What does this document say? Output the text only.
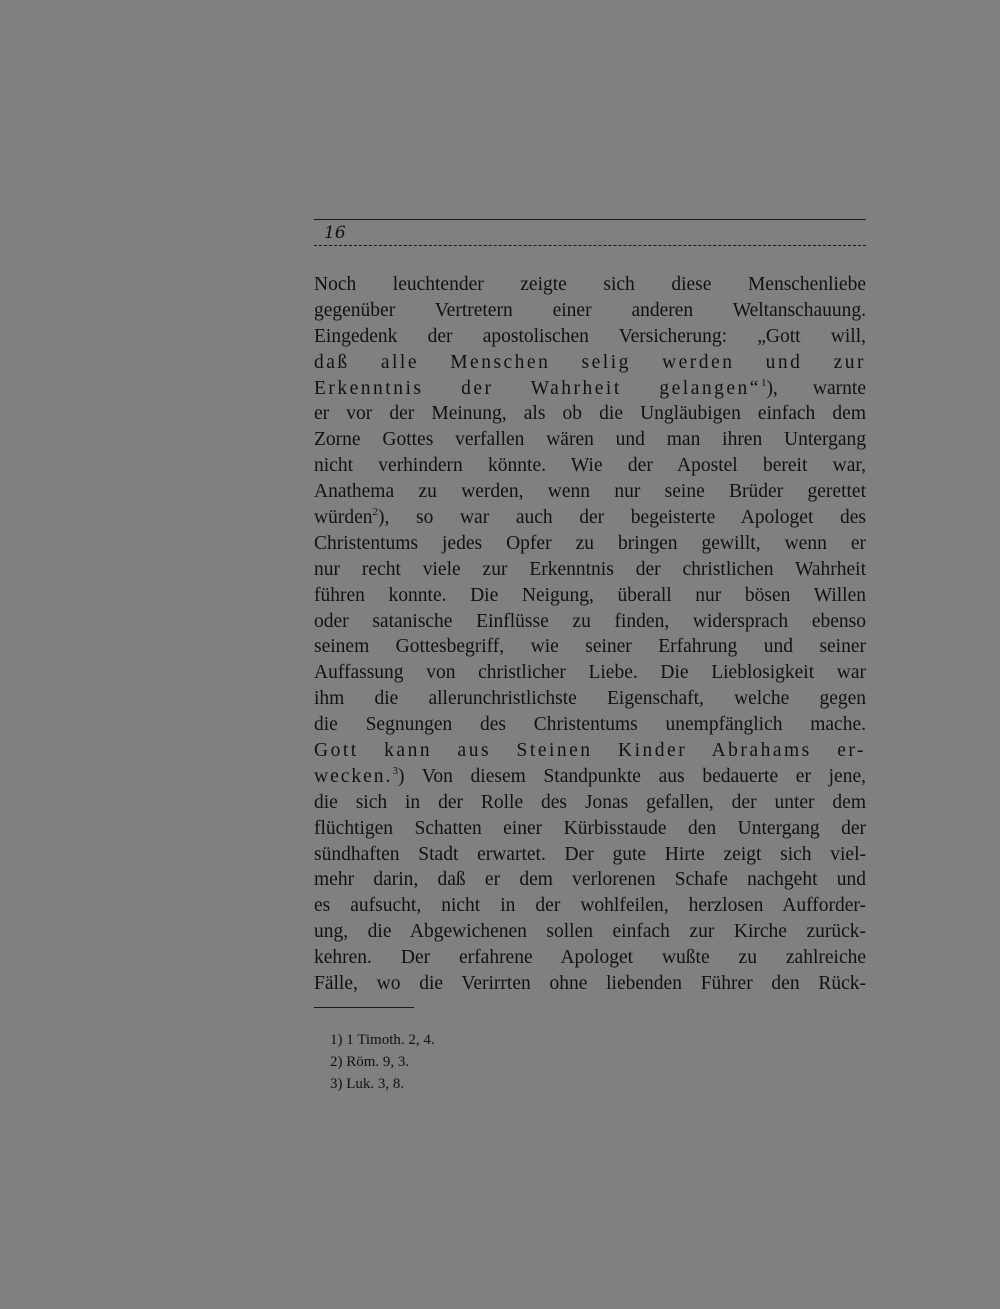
16
Noch leuchtender zeigte sich diese Menschenliebe
gegenüber Vertretern einer anderen Weltanschauung.
Eingedenk der apostolischen Versicherung: „Gott will,
daß alle Menschen selig werden und zur
Erkenntnis der Wahrheit gelangen“$^1$), warnte
er vor der Meinung, als ob die Ungläubigen einfach dem
Zorne Gottes verfallen wären und man ihren Untergang
nicht verhindern könnte. Wie der Apostel bereit war,
Anathema zu werden, wenn nur seine Brüder gerettet
würden$^2$), so war auch der begeisterte Apologet des
Christentums jedes Opfer zu bringen gewillt, wenn er
nur recht viele zur Erkenntnis der christlichen Wahrheit
führen konnte. Die Neigung, überall nur bösen Willen
oder satanische Einflüsse zu finden, widersprach ebenso
seinem Gottesbegriff, wie seiner Erfahrung und seiner
Auffassung von christlicher Liebe. Die Lieblosigkeit war
ihm die allerunchristlichste Eigenschaft, welche gegen
die Segnungen des Christentums unempfänglich mache.
Gott kann aus Steinen Kinder Abrahams er-
wecken.$^3$) Von diesem Standpunkte aus bedauerte er jene,
die sich in der Rolle des Jonas gefallen, der unter dem
flüchtigen Schatten einer Kürbisstaude den Untergang der
sündhaften Stadt erwartet. Der gute Hirte zeigt sich viel-
mehr darin, daß er dem verlorenen Schafe nachgeht und
es aufsucht, nicht in der wohlfeilen, herzlosen Aufforder-
ung, die Abgewichenen sollen einfach zur Kirche zurück-
kehren. Der erfahrene Apologet wußte zu zahlreiche
Fälle, wo die Verirrten ohne liebenden Führer den Rück-
1) 1 Timoth. 2, 4.
2) Röm. 9, 3.
3) Luk. 3, 8.
